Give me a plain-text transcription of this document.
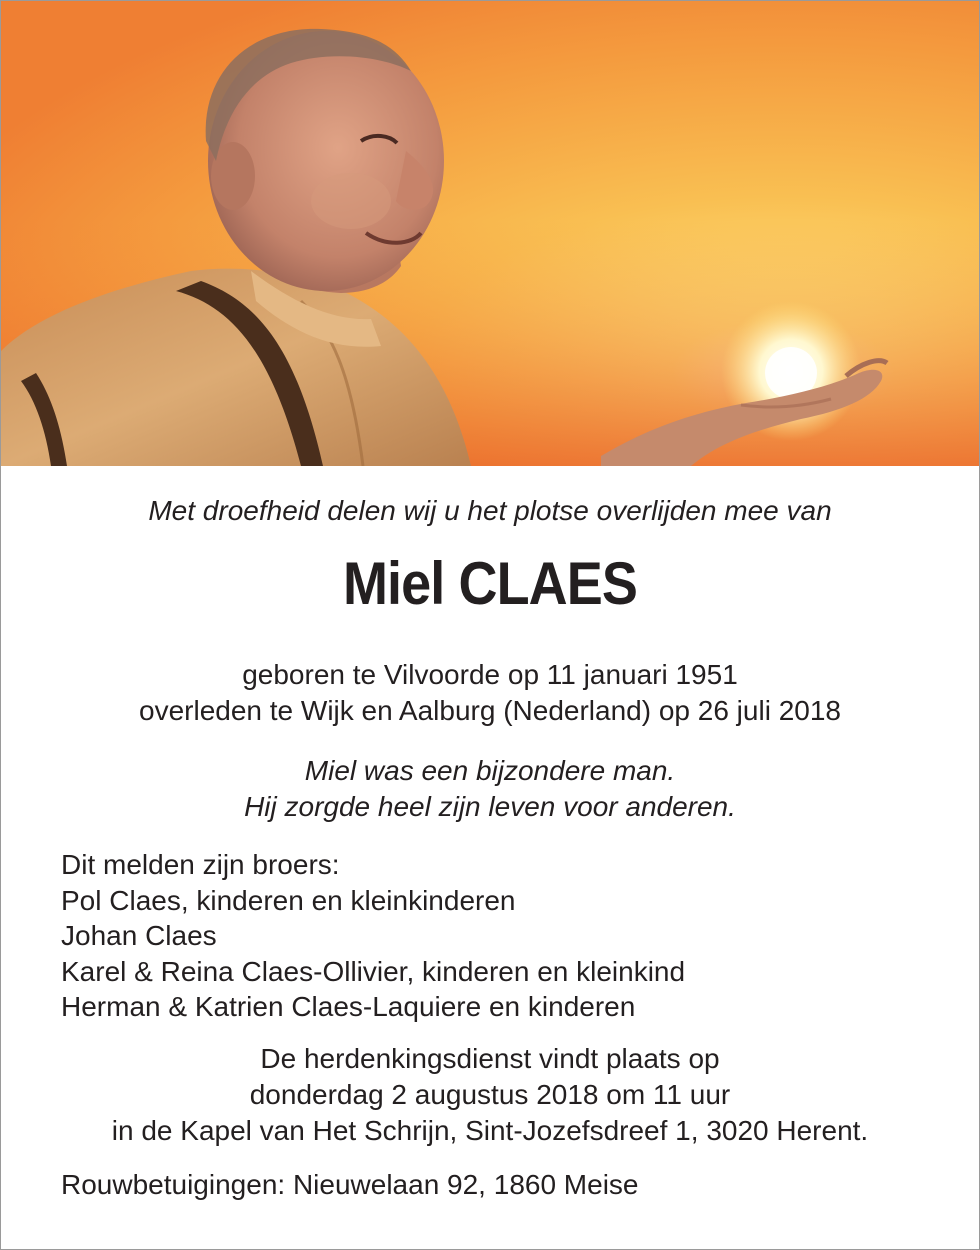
Met droefheid delen wij u het plotse overlijden mee van
Miel CLAES
geboren te Vilvoorde op 11 januari 1951
overleden te Wijk en Aalburg (Nederland) op 26 juli 2018
Miel was een bijzondere man.
Hij zorgde heel zijn leven voor anderen.
Dit melden zijn broers:
Pol Claes, kinderen en kleinkinderen
Johan Claes
Karel & Reina Claes-Ollivier, kinderen en kleinkind
Herman & Katrien Claes-Laquiere en kinderen
De herdenkingsdienst vindt plaats op
donderdag 2 augustus 2018 om 11 uur
in de Kapel van Het Schrijn, Sint-Jozefsdreef 1, 3020 Herent.
Rouwbetuigingen: Nieuwelaan 92, 1860 Meise
